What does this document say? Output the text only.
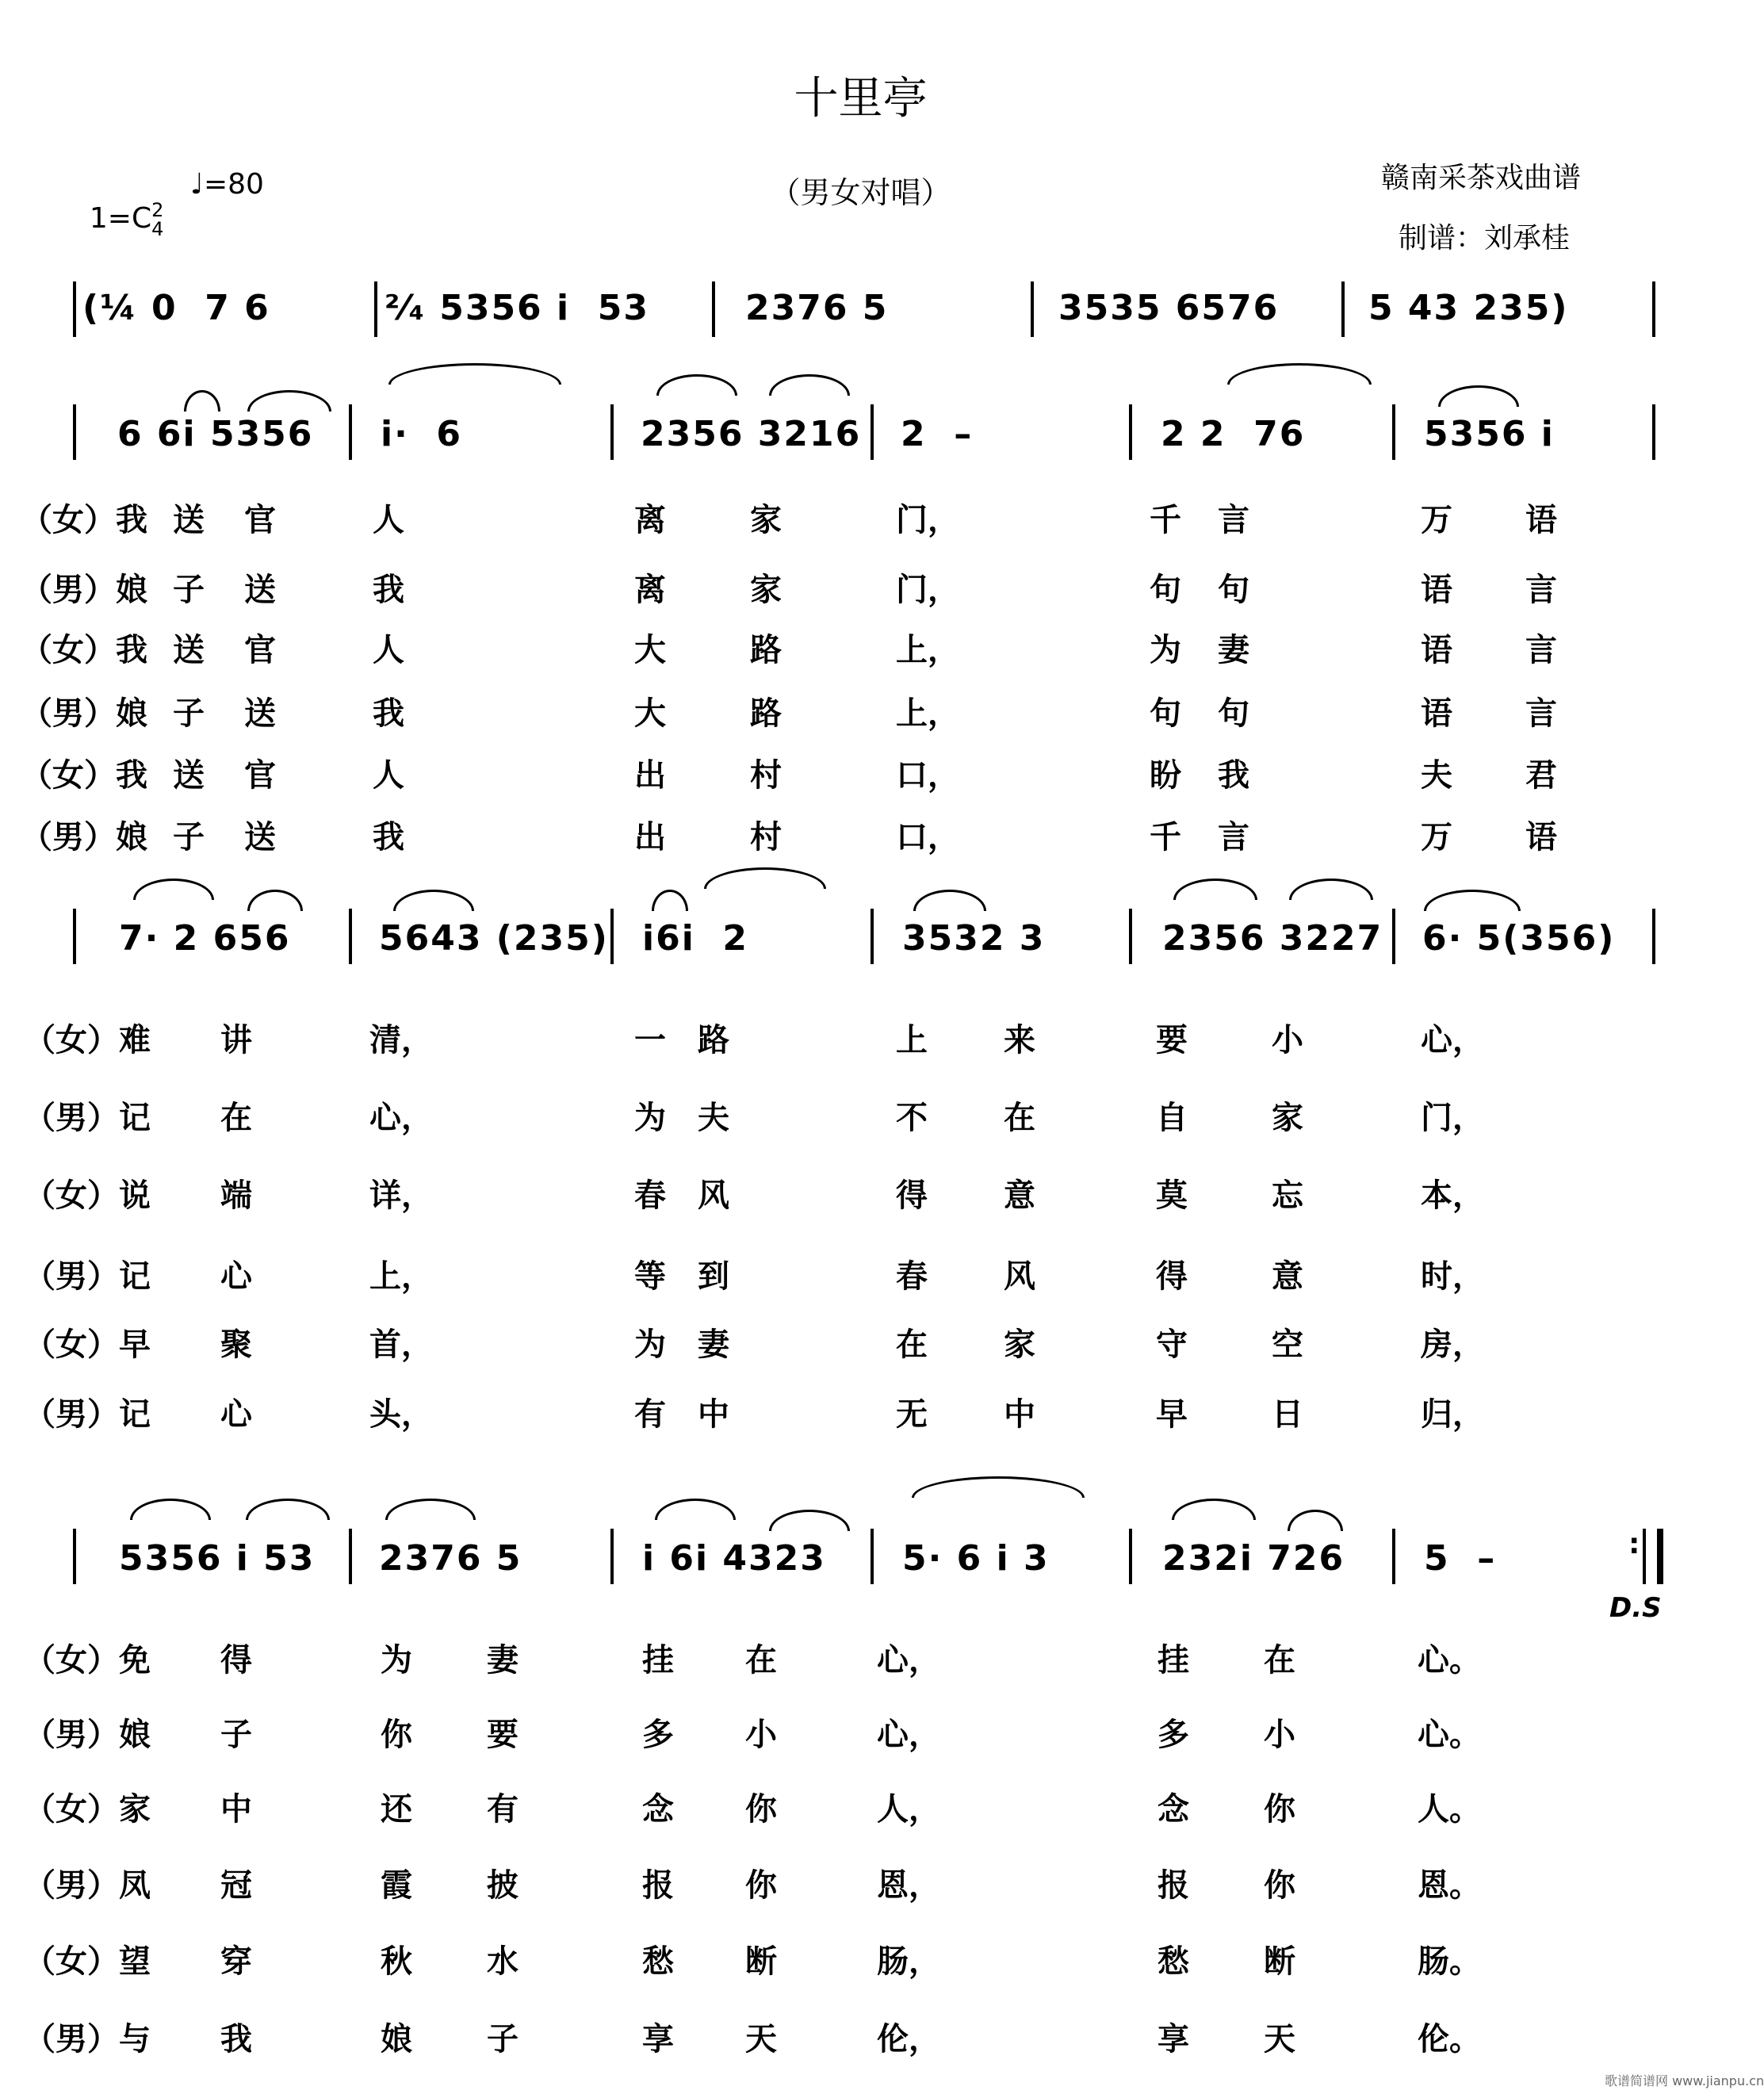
十里亭
（男女对唱）

1=C2
4

♩=80	赣南采茶戏曲谱
制谱：刘承桂
(¼ 0  7 6	²⁄₄ 5356 i  53	2376 5	3535 6576	5 43 235)
6 6i 5356 i·  6	2356 3216 2  –	2 2  76	5356 i
（女）我 送 官	人	离	家	门，	千 言	万 语
（男）娘 子 送	我	离	家	门，	句 句	语 言
（女）我 送 官	人	大	路	上，	为 妻	语 言
（男）娘 子 送	我	大	路	上，	句 句	语 言
（女）我 送 官	人	出	村	口，	盼 我	夫 君
（男）娘 子 送	我	出	村	口，	千 言	万 语
7· 2 656	5643 (235) i6i  2	3532 3	2356 3227 6· 5(356)
（女）难 讲	清，	一 路	上 来	要	小	心，
（男）记 在	心，	为 夫	不 在	自	家	门，
（女）说 端	详，	春 风	得 意	莫	忘	本，
（男）记 心	上，	等 到	春 风	得	意	时，
（女）早 聚	首，	为 妻	在 家	守	空	房，
（男）记 心	头，	有 中	无 中	早	日	归，
:
5356 i 53 2376 5	i 6i 4323 5· 6 i 3	232i 726 5  –
D.S
（女）免 得	为 妻	挂 在	心，	挂 在	心。
（男）娘 子	你 要	多 小	心，	多 小	心。
（女）家 中	还 有	念 你	人，	念 你	人。
（男）凤 冠	霞 披	报 你	恩，	报 你	恩。
（女）望 穿	秋 水	愁 断	肠，	愁 断	肠。
（男）与 我	娘 子	享 天	伦，	享 天	伦。
歌谱简谱网 www.jianpu.cn
